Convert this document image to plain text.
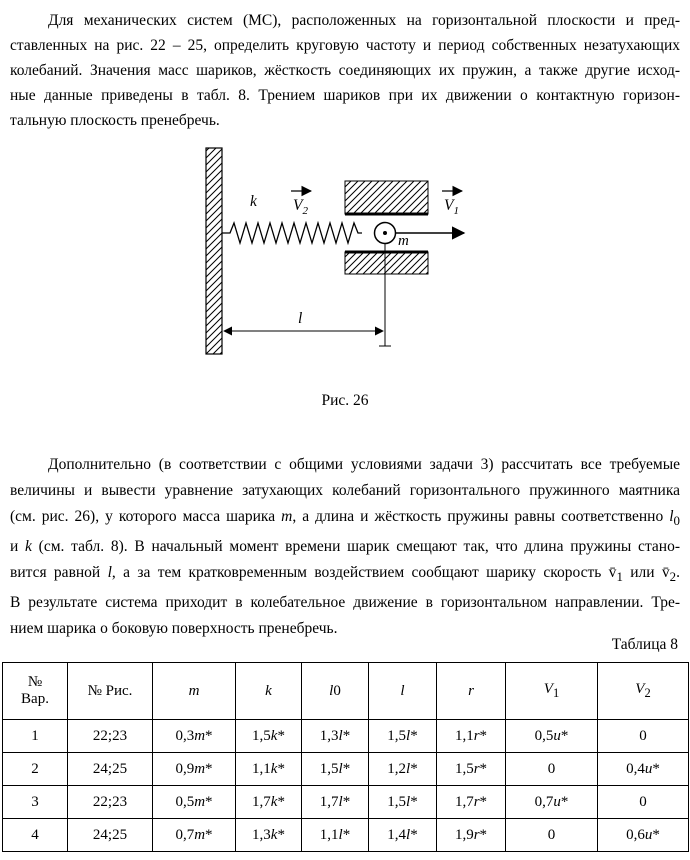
Для механических систем (МС), расположенных на горизонтальной плоскости и пред-
ставленных на рис. 22 – 25, определить круговую частоту и период собственных незатухающих
колебаний. Значения масс шариков, жёсткость соединяющих их пружин, а также другие исход-
ные данные приведены в табл. 8. Трением шариков при их движении о контактную горизон-
тальную плоскость пренебречь.
k
m
$V_2$	$V_1$
l
Рис. 26
Дополнительно (в соответствии с общими условиями задачи 3) рассчитать все требуемые
величины и вывести уравнение затухающих колебаний горизонтального пружинного маятника
(см. рис. 26), у которого масса шарика m, а длина и жёсткость пружины равны соответственно $l_0$
и k (см. табл. 8). В начальный момент времени шарик смещают так, что длина пружины стано-
вится равной l, а за тем кратковременным воздействием сообщают шарику скорость $v̄_1$ или $v̄_2$.
В результате система приходит в колебательное движение в горизонтальном направлении. Тре-
нием шарика о боковую поверхность пренебречь.
Таблица 8
№
Вар.	№ Рис.	m	k	l0	l	r	$V_1$	$V_2$
1	22;23	0,3m*	1,5k*	1,3l*	1,5l*	1,1r*	0,5u*	0
2	24;25	0,9m*	1,1k*	1,5l*	1,2l*	1,5r*	0	0,4u*
3	22;23	0,5m*	1,7k*	1,7l*	1,5l*	1,7r*	0,7u*	0
4	24;25	0,7m*	1,3k*	1,1l*	1,4l*	1,9r*	0	0,6u*
